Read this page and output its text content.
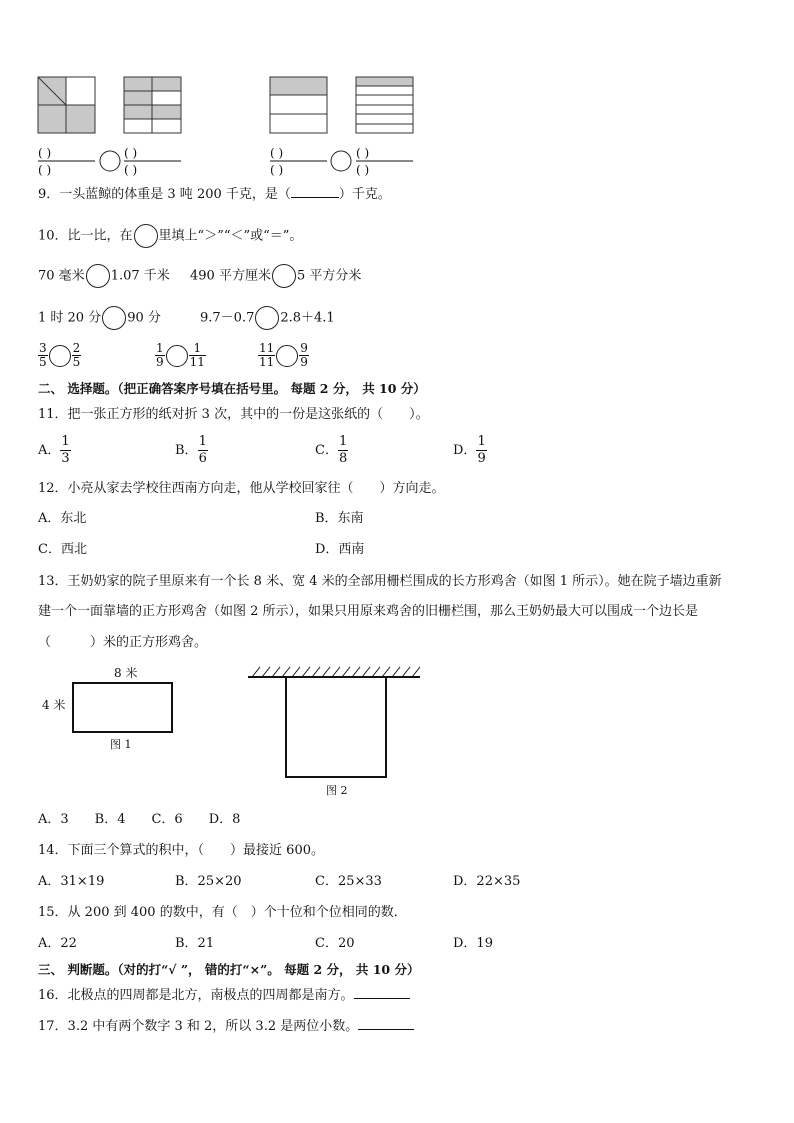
( )
( )
( )
( )
( )
( )
( )
( )
9．一头蓝鲸的体重是 3 吨 200 千克，是（	）千克。
10．比一比，在 里填上“＞”“＜”或“＝”。
70 毫米 1.07 千米 490 平方厘米 5 平方分米
1 时 20 分 90 分	9.7－0.7 2.8＋4.1
$\frac{3}{5} \frac{2}{5}$	$\frac{1}{9} \frac{1}{11}$	$\frac{11}{11} \frac{9}{9}$
二、 选择题。（把正确答案序号填在括号里。 每题 2 分， 共 10 分）
11．把一张正方形的纸对折 3 次，其中的一份是这张纸的（　　）。
A． $\frac{1}{3}$	B． $\frac{1}{6}$	C． $\frac{1}{8}$	D． $\frac{1}{9}$
12．小亮从家去学校往西南方向走，他从学校回家往（　　）方向走。
A．东北	B．东南
C．西北	D．西南
13．王奶奶家的院子里原来有一个长 8 米、宽 4 米的全部用栅栏围成的长方形鸡舍（如图 1 所示）。她在院子墙边重新
建一个一面靠墙的正方形鸡舍（如图 2 所示），如果只用原来鸡舍的旧栅栏围，那么王奶奶最大可以围成一个边长是
（　　　）米的正方形鸡舍。
8 米
4 米
图 1
图 2
A．3　　B．4　　C．6　　D．8
14．下面三个算式的积中，（　　）最接近 600。
A．31×19	B．25×20	C．25×33	D．22×35
15．从 200 到 400 的数中，有（　）个十位和个位相同的数．
A．22	B．21	C．20	D．19
三、 判断题。（对的打“√ ”， 错的打“×”。 每题 2 分， 共 10 分）
16．北极点的四周都是北方，南极点的四周都是南方。
17．3.2 中有两个数字 3 和 2，所以 3.2 是两位小数。
